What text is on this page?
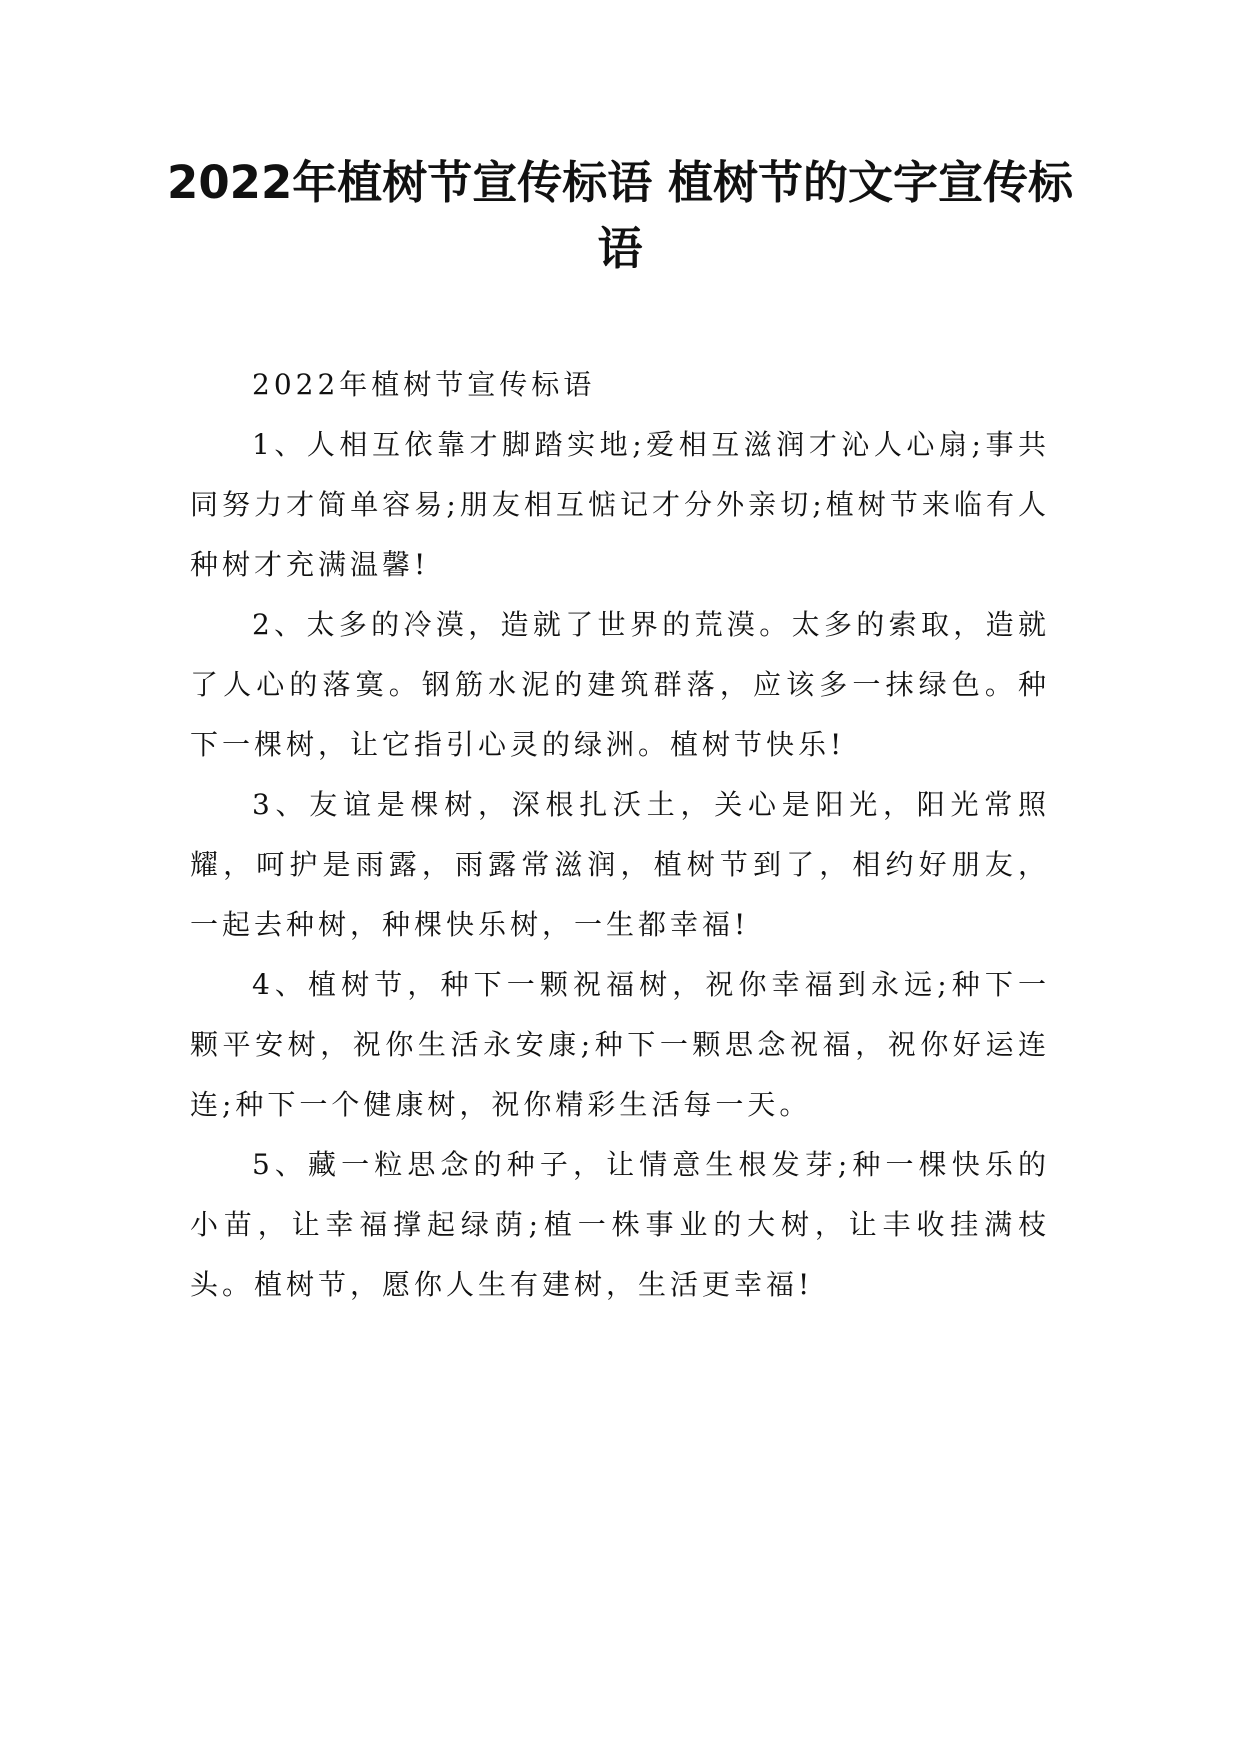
2022年植树节宣传标语 植树节的文字宣传标语

2022年植树节宣传标语

1、人相互依靠才脚踏实地;爱相互滋润才沁人心扇;事共同努力才简单容易;朋友相互惦记才分外亲切;植树节来临有人种树才充满温馨!

2、太多的冷漠，造就了世界的荒漠。太多的索取，造就了人心的落寞。钢筋水泥的建筑群落，应该多一抹绿色。种下一棵树，让它指引心灵的绿洲。植树节快乐!

3、友谊是棵树，深根扎沃土，关心是阳光，阳光常照耀，呵护是雨露，雨露常滋润，植树节到了，相约好朋友，一起去种树，种棵快乐树，一生都幸福!

4、植树节，种下一颗祝福树，祝你幸福到永远;种下一颗平安树，祝你生活永安康;种下一颗思念祝福，祝你好运连连;种下一个健康树，祝你精彩生活每一天。

5、藏一粒思念的种子，让情意生根发芽;种一棵快乐的小苗，让幸福撑起绿荫;植一株事业的大树，让丰收挂满枝头。植树节，愿你人生有建树，生活更幸福!
